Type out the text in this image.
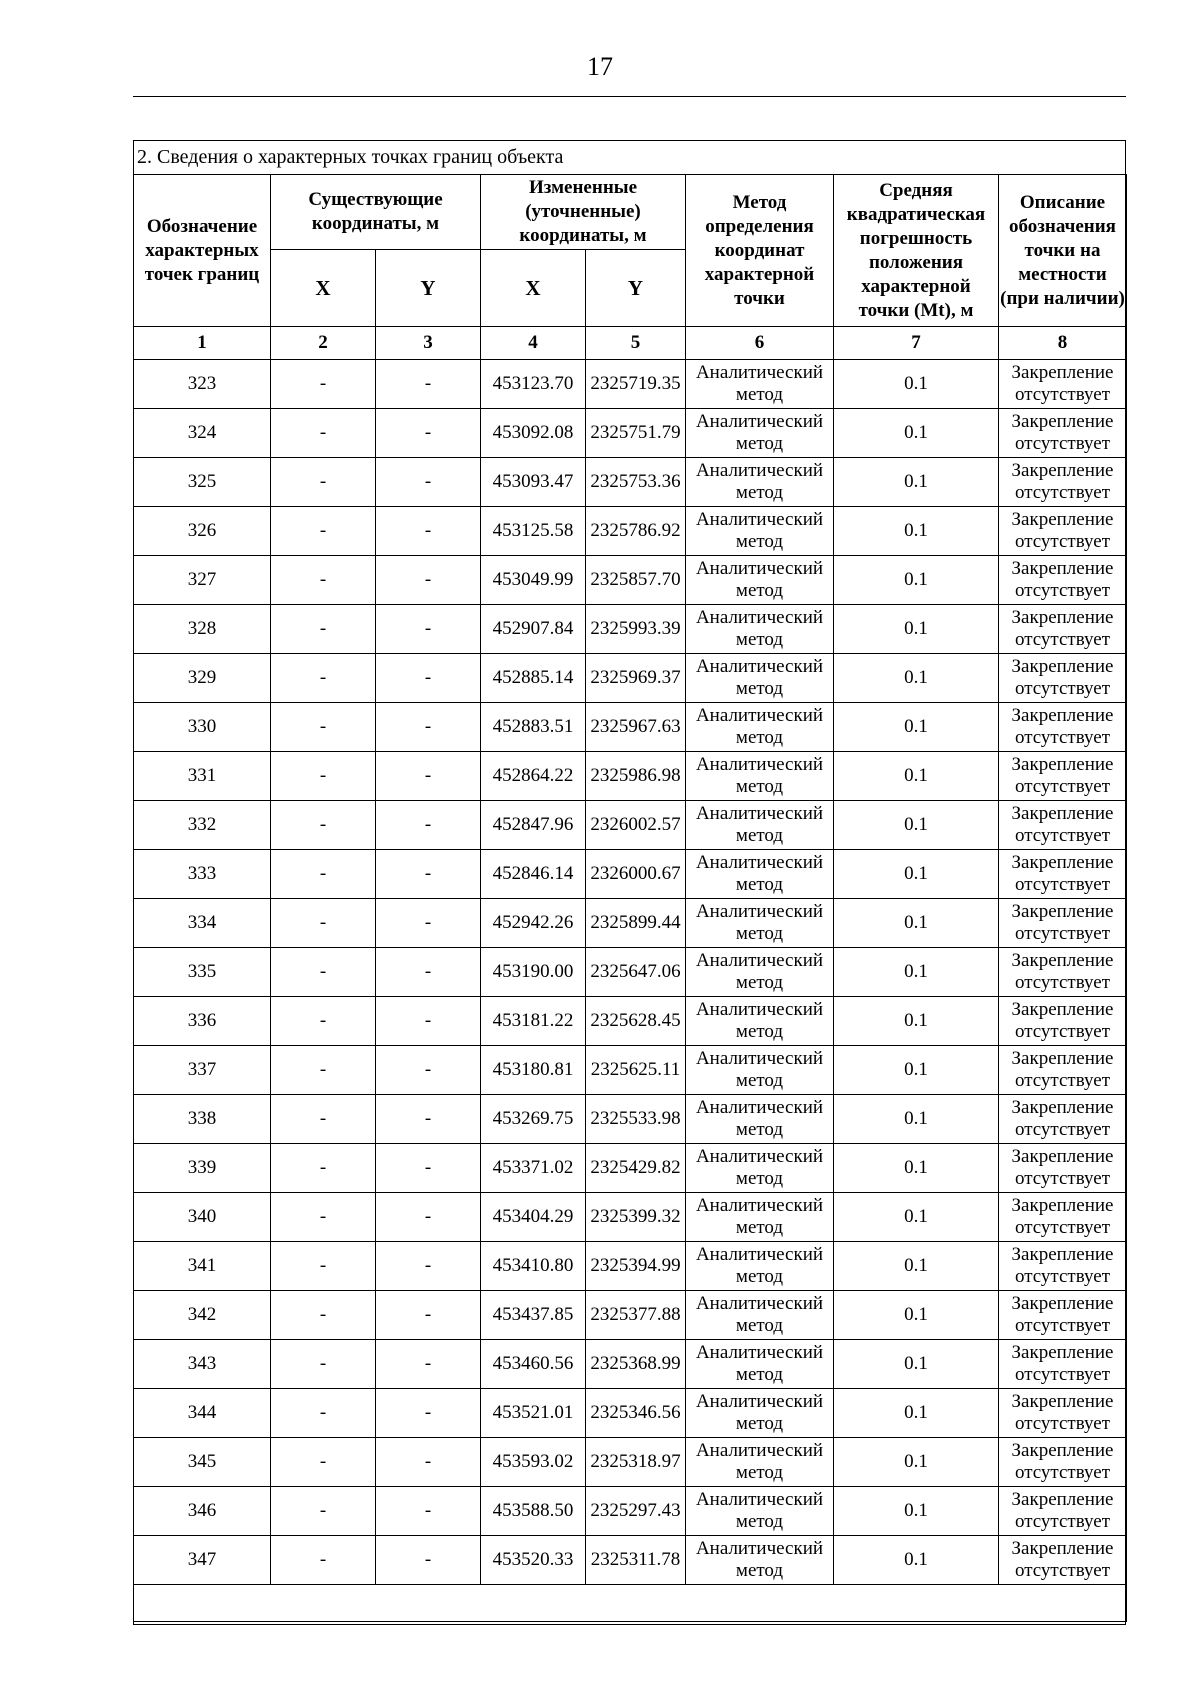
17
2. Сведения о характерных точках границ объекта
Обозначение характерных точек границ	Существующие координаты, м		Измененные (уточненные) координаты, м		Метод определения координат характерной точки	Средняя квадратическая погрешность положения характерной точки (Mt), м	Описание обозначения точки на местности (при наличии)
	X	Y	X	Y			
1	2	3	4	5	6	7	8
323	-	-	453123.70	2325719.35	Аналитический метод	0.1	Закрепление отсутствует
324	-	-	453092.08	2325751.79	Аналитический метод	0.1	Закрепление отсутствует
325	-	-	453093.47	2325753.36	Аналитический метод	0.1	Закрепление отсутствует
326	-	-	453125.58	2325786.92	Аналитический метод	0.1	Закрепление отсутствует
327	-	-	453049.99	2325857.70	Аналитический метод	0.1	Закрепление отсутствует
328	-	-	452907.84	2325993.39	Аналитический метод	0.1	Закрепление отсутствует
329	-	-	452885.14	2325969.37	Аналитический метод	0.1	Закрепление отсутствует
330	-	-	452883.51	2325967.63	Аналитический метод	0.1	Закрепление отсутствует
331	-	-	452864.22	2325986.98	Аналитический метод	0.1	Закрепление отсутствует
332	-	-	452847.96	2326002.57	Аналитический метод	0.1	Закрепление отсутствует
333	-	-	452846.14	2326000.67	Аналитический метод	0.1	Закрепление отсутствует
334	-	-	452942.26	2325899.44	Аналитический метод	0.1	Закрепление отсутствует
335	-	-	453190.00	2325647.06	Аналитический метод	0.1	Закрепление отсутствует
336	-	-	453181.22	2325628.45	Аналитический метод	0.1	Закрепление отсутствует
337	-	-	453180.81	2325625.11	Аналитический метод	0.1	Закрепление отсутствует
338	-	-	453269.75	2325533.98	Аналитический метод	0.1	Закрепление отсутствует
339	-	-	453371.02	2325429.82	Аналитический метод	0.1	Закрепление отсутствует
340	-	-	453404.29	2325399.32	Аналитический метод	0.1	Закрепление отсутствует
341	-	-	453410.80	2325394.99	Аналитический метод	0.1	Закрепление отсутствует
342	-	-	453437.85	2325377.88	Аналитический метод	0.1	Закрепление отсутствует
343	-	-	453460.56	2325368.99	Аналитический метод	0.1	Закрепление отсутствует
344	-	-	453521.01	2325346.56	Аналитический метод	0.1	Закрепление отсутствует
345	-	-	453593.02	2325318.97	Аналитический метод	0.1	Закрепление отсутствует
346	-	-	453588.50	2325297.43	Аналитический метод	0.1	Закрепление отсутствует
347	-	-	453520.33	2325311.78	Аналитический метод	0.1	Закрепление отсутствует
